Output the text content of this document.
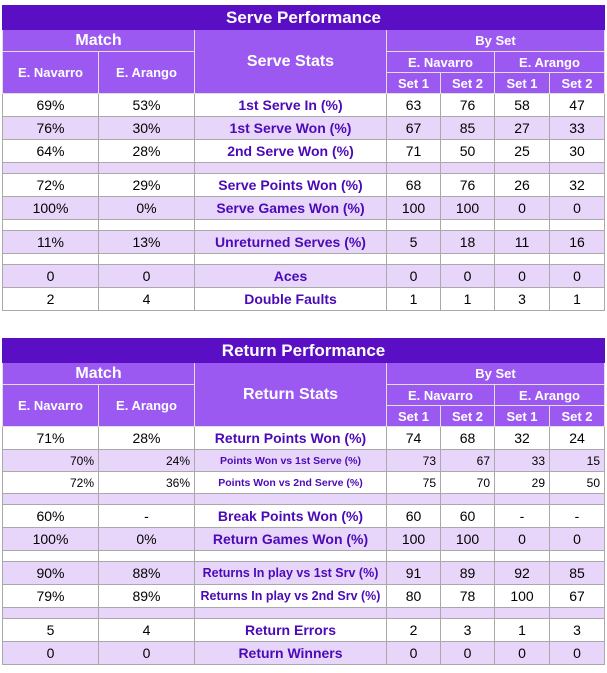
Serve Performance						
Match		Serve Stats	By Set			
E. Navarro	E. Arango		E. Navarro		E. Arango	
			Set 1	Set 2	Set 1	Set 2
69%	53%	1st Serve In (%)	63	76	58	47
76%	30%	1st Serve Won (%)	67	85	27	33
64%	28%	2nd Serve Won (%)	71	50	25	30

72%	29%	Serve Points Won (%)	68	76	26	32
100%	0%	Serve Games Won (%)	100	100	0	0

11%	13%	Unreturned Serves (%)	5	18	11	16

0	0	Aces	0	0	0	0
2	4	Double Faults	1	1	3	1
Return Performance						
Match		Return Stats	By Set			
E. Navarro	E. Arango		E. Navarro		E. Arango	
			Set 1	Set 2	Set 1	Set 2
71%	28%	Return Points Won (%)	74	68	32	24
70%	24%	Points Won vs 1st Serve (%)	73	67	33	15
72%	36%	Points Won vs 2nd Serve (%)	75	70	29	50

60%	-	Break Points Won (%)	60	60	-	-
100%	0%	Return Games Won (%)	100	100	0	0

90%	88%	Returns In play vs 1st Srv (%)	91	89	92	85
79%	89%	Returns In play vs 2nd Srv (%)	80	78	100	67

5	4	Return Errors	2	3	1	3
0	0	Return Winners	0	0	0	0
